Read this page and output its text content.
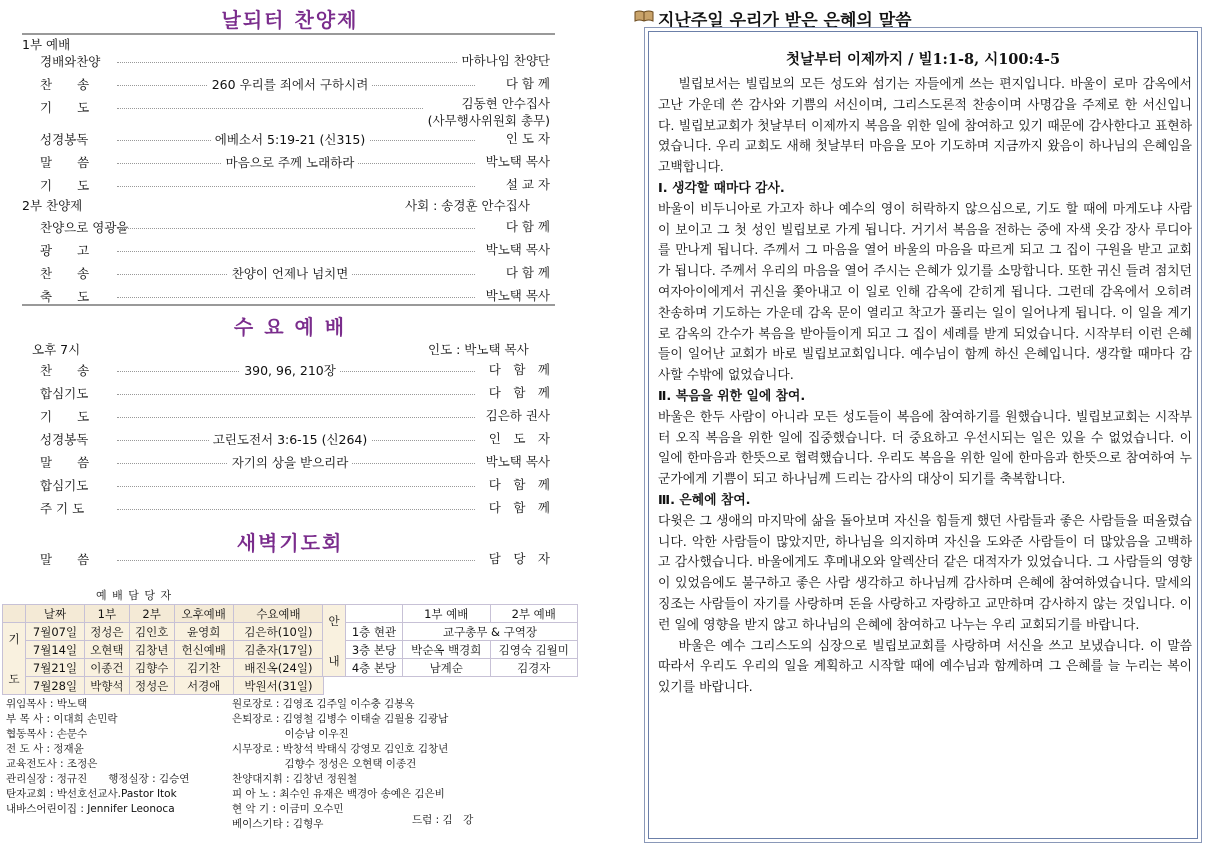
날되터 찬양제
1부 예배
경배와찬양	마하나임 찬양단
찬　　송	260 우리를 죄에서 구하시려	다 함 께
기　　도	김동현 안수집사
(사무행사위원회 총무)
성경봉독	에베소서 5:19-21 (신315)	인 도 자
말　　씀	마음으로 주께 노래하라	박노택 목사
기　　도	설 교 자
2부 찬양제	사회 : 송경훈 안수집사
찬양으로 영광을	다 함 께
광　　고	박노택 목사
찬　　송	찬양이 언제나 넘치면	다 함 께
축　　도	박노택 목사
수 요 예 배
오후 7시	인도 : 박노택 목사
찬　　송	390, 96, 210장	다　함　께
합심기도	다　함　께
기　　도	김은하 권사
성경봉독	고린도전서 3:6-15 (신264)	인　도　자
말　　씀	자기의 상을 받으리라	박노택 목사
합심기도	다　함　께
주 기 도	다　함　께
새벽기도회
말　　씀	담　당　자
예 배 담 당 자
	날짜	1부	2부	오후예배	수요예배
기

도	7월07일	정성은	김인호	윤영희	김은하(10일)
	7월14일	오현택	김창년	헌신예배	김춘자(17일)
	7월21일	이종건	김향수	김기찬	배진옥(24일)
	7월28일	박향석	정성은	서경애	박원서(31일)
안

내		1부 예배	2부 예배
	1층 현관	교구총무 & 구역장	
	3층 본당	박순옥 백경희	김영숙 김월미
	4층 본당	남계순	김경자
위임목사 : 박노택
부 목 사 : 이대희 손민락
협동목사 : 손문수
전 도 사 : 정재윤
교육전도사 : 조정은
관리실장 : 정규진　　행정실장 : 김승연
탄자교회 : 박선호선교사.Pastor Itok
내바스어린이집 : Jennifer Leonoca
원로장로 : 김영조 김주일 이수충 김봉옥
은퇴장로 : 김영철 김병수 이태술 김월용 김광남
　　　　　이승남 이우진
시무장로 : 박창석 박태식 강영모 김인호 김창년
　　　　　김향수 정성은 오현택 이종건
찬양대지휘 : 김창년 정원철
피 아 노 : 최수인 유재은 백경아 송예은 김은비
현 악 기 : 이금미 오수민
베이스기타 : 김형우	드럼 : 김　강
지난주일 우리가 받은 은혜의 말씀
첫날부터 이제까지 / 빌1:1-8, 시100:4-5

빌립보서는 빌립보의 모든 성도와 섬기는 자들에게 쓰는 편지입니다. 바울이 로마 감옥에서 고난 가운데 쓴 감사와 기쁨의 서신이며, 그리스도론적 찬송이며 사명감을 주제로 한 서신입니다. 빌립보교회가 첫날부터 이제까지 복음을 위한 일에 참여하고 있기 때문에 감사한다고 표현하였습니다. 우리 교회도 새해 첫날부터 마음을 모아 기도하며 지금까지 왔음이 하나님의 은혜임을 고백합니다.

Ⅰ. 생각할 때마다 감사.

바울이 비두니아로 가고자 하나 예수의 영이 허락하지 않으심으로, 기도 할 때에 마게도냐 사람이 보이고 그 첫 성인 빌립보로 가게 됩니다. 거기서 복음을 전하는 중에 자색 옷감 장사 루디아를 만나게 됩니다. 주께서 그 마음을 열어 바울의 마음을 따르게 되고 그 집이 구원을 받고 교회가 됩니다. 주께서 우리의 마음을 열어 주시는 은혜가 있기를 소망합니다. 또한 귀신 들려 점치던 여자아이에게서 귀신을 쫓아내고 이 일로 인해 감옥에 갇히게 됩니다. 그런데 감옥에서 오히려 찬송하며 기도하는 가운데 감옥 문이 열리고 착고가 풀리는 일이 일어나게 됩니다. 이 일을 계기로 감옥의 간수가 복음을 받아들이게 되고 그 집이 세례를 받게 되었습니다. 시작부터 이런 은혜들이 일어난 교회가 바로 빌립보교회입니다. 예수님이 함께 하신 은혜입니다. 생각할 때마다 감사할 수밖에 없었습니다.

Ⅱ. 복음을 위한 일에 참여.

바울은 한두 사람이 아니라 모든 성도들이 복음에 참여하기를 원했습니다. 빌립보교회는 시작부터 오직 복음을 위한 일에 집중했습니다. 더 중요하고 우선시되는 일은 있을 수 없었습니다. 이 일에 한마음과 한뜻으로 협력했습니다. 우리도 복음을 위한 일에 한마음과 한뜻으로 참여하여 누군가에게 기쁨이 되고 하나님께 드리는 감사의 대상이 되기를 축복합니다.

Ⅲ. 은혜에 참여.

다윗은 그 생애의 마지막에 삶을 돌아보며 자신을 힘들게 했던 사람들과 좋은 사람들을 떠올렸습니다. 악한 사람들이 많았지만, 하나님을 의지하며 자신을 도와준 사람들이 더 많았음을 고백하고 감사했습니다. 바울에게도 후메내오와 알렉산더 같은 대적자가 있었습니다. 그 사람들의 영향이 있었음에도 불구하고 좋은 사람 생각하고 하나님께 감사하며 은혜에 참여하였습니다. 말세의 징조는 사람들이 자기를 사랑하며 돈을 사랑하고 자랑하고 교만하며 감사하지 않는 것입니다. 이런 일에 영향을 받지 않고 하나님의 은혜에 참여하고 나누는 우리 교회되기를 바랍니다.

바울은 예수 그리스도의 심장으로 빌립보교회를 사랑하며 서신을 쓰고 보냈습니다. 이 말씀 따라서 우리도 우리의 일을 계획하고 시작할 때에 예수님과 함께하며 그 은혜를 늘 누리는 복이 있기를 바랍니다.
